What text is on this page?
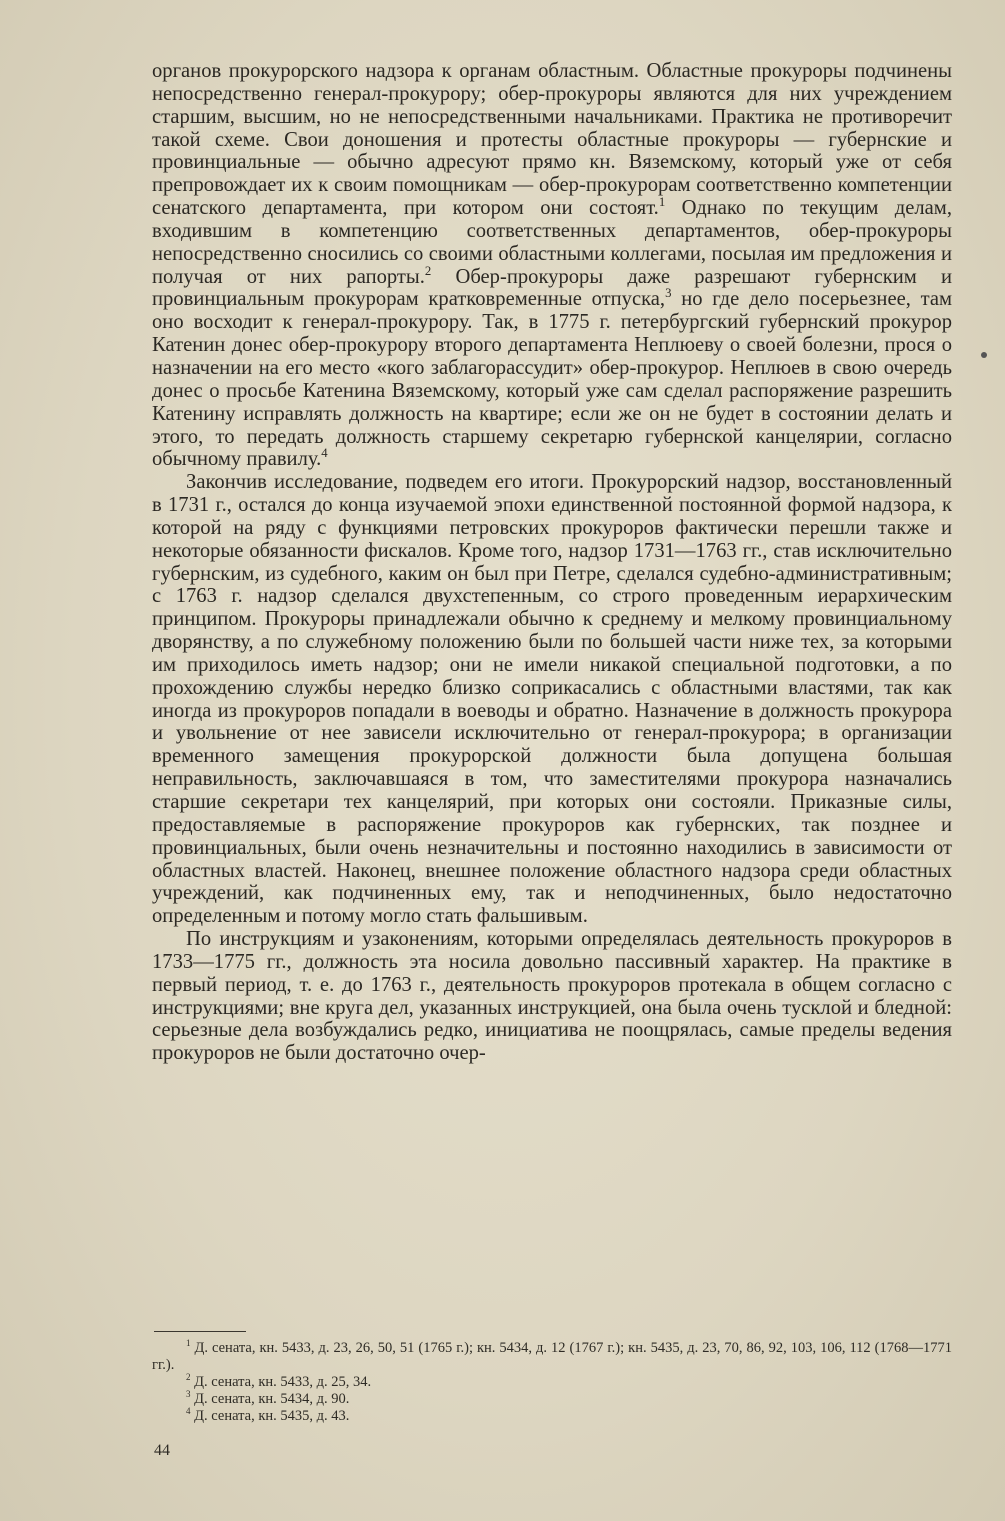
органов прокурорского надзора к органам областным. Областные прокуроры подчинены непосредственно генерал-прокурору; обер-прокуроры являются для них учреждением старшим, высшим, но не непосредственными начальниками. Практика не противоречит такой схеме. Свои доношения и протесты областные прокуроры — губернские и провинциальные — обычно адресуют прямо кн. Вяземскому, который уже от себя препровождает их к своим помощникам — обер-прокурорам соответственно компетенции сенатского департамента, при котором они состоят.$^1$ Однако по текущим делам, входившим в компетенцию соответственных департаментов, обер-прокуроры непосредственно сносились со своими областными коллегами, посылая им предложения и получая от них рапорты.$^2$ Обер-прокуроры даже разрешают губернским и провинциальным прокурорам кратковременные отпуска,$^3$ но где дело посерьезнее, там оно восходит к генерал-прокурору. Так, в 1775 г. петербургский губернский прокурор Катенин донес обер-прокурору второго департамента Неплюеву о своей болезни, прося о назначении на его место «кого заблагорассудит» обер-прокурор. Неплюев в свою очередь донес о просьбе Катенина Вяземскому, который уже сам сделал распоряжение разрешить Катенину исправлять должность на квартире; если же он не будет в состоянии делать и этого, то передать должность старшему секретарю губернской канцелярии, согласно обычному правилу.$^4$

Закончив исследование, подведем его итоги. Прокурорский надзор, восстановленный в 1731 г., остался до конца изучаемой эпохи единственной постоянной формой надзора, к которой на ряду с функциями петровских прокуроров фактически перешли также и некоторые обязанности фискалов. Кроме того, надзор 1731—1763 гг., став исключительно губернским, из судебного, каким он был при Петре, сделался судебно-административным; с 1763 г. надзор сделался двухстепенным, со строго проведенным иерархическим принципом. Прокуроры принадлежали обычно к среднему и мелкому провинциальному дворянству, а по служебному положению были по большей части ниже тех, за которыми им приходилось иметь надзор; они не имели никакой специальной подготовки, а по прохождению службы нередко близко соприкасались с областными властями, так как иногда из прокуроров попадали в воеводы и обратно. Назначение в должность прокурора и увольнение от нее зависели исключительно от генерал-прокурора; в организации временного замещения прокурорской должности была допущена большая неправильность, заключавшаяся в том, что заместителями прокурора назначались старшие секретари тех канцелярий, при которых они состояли. Приказные силы, предоставляемые в распоряжение прокуроров как губернских, так позднее и провинциальных, были очень незначительны и постоянно находились в зависимости от областных властей. Наконец, внешнее положение областного надзора среди областных учреждений, как подчиненных ему, так и неподчиненных, было недостаточно определенным и потому могло стать фальшивым.

По инструкциям и узаконениям, которыми определялась деятельность прокуроров в 1733—1775 гг., должность эта носила довольно пассивный характер. На практике в первый период, т. е. до 1763 г., деятельность прокуроров протекала в общем согласно с инструкциями; вне круга дел, указанных инструкцией, она была очень тусклой и бледной: серьезные дела возбуждались редко, инициатива не поощрялась, самые пределы ведения прокуроров не были достаточно очер-

$^1$ Д. сената, кн. 5433, д. 23, 26, 50, 51 (1765 г.); кн. 5434, д. 12 (1767 г.); кн. 5435, д. 23, 70, 86, 92, 103, 106, 112 (1768—1771 гг.).

$^2$ Д. сената, кн. 5433, д. 25, 34.

$^3$ Д. сената, кн. 5434, д. 90.

$^4$ Д. сената, кн. 5435, д. 43.

44
